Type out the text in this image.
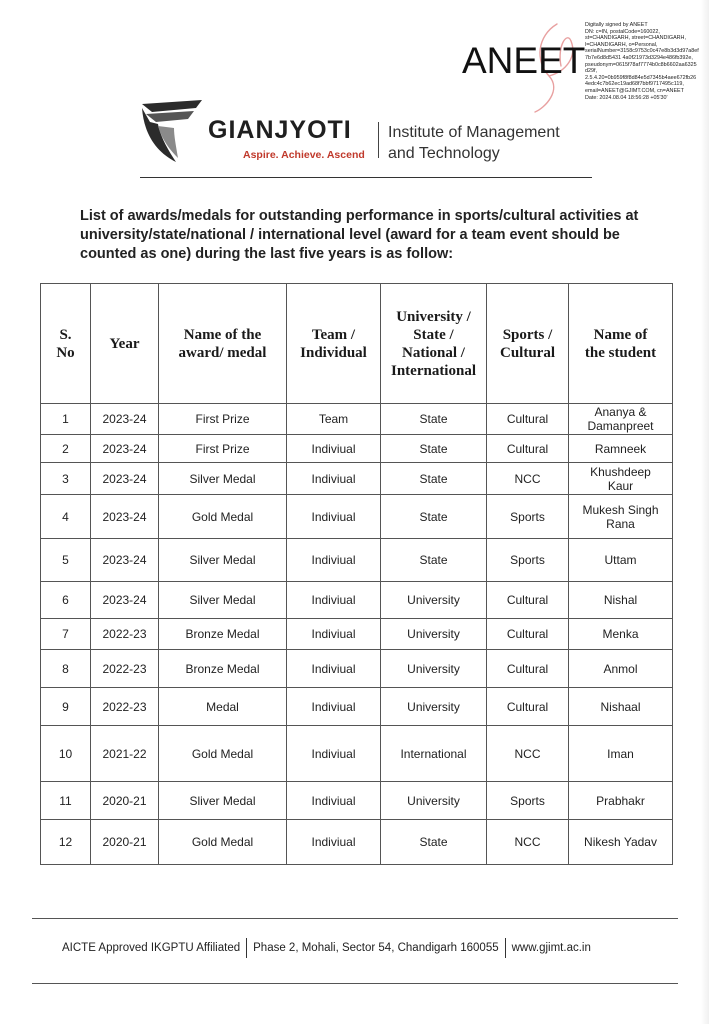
ANEET
Digitally signed by ANEET
DN: c=IN, postalCode=160022,
st=CHANDIGARH, street=CHANDIGARH,
l=CHANDIGARH, o=Personal,
serialNumber=3158c9753c0c47e8b3d3d97a8ef
7b7e6d8d5431 4a0f21973d3294e486fb392e,
pseudonym=0615f78af7774b0c8b6602aa6325
d29f,
2.5.4.20=0b959f8f8d84e5d7345b4aee672fb26
4edc4c7b62ec19ad68f7bbf9717495c119,
email=ANEET@GJIMT.COM, cn=ANEET
Date: 2024.08.04 18:56:28 +05'30'
GIANJYOTI
Aspire. Achieve. Ascend
Institute of Management
and Technology
List of awards/medals for outstanding performance in sports/cultural activities at university/state/national / international level (award for a team event should be counted as one) during the last five years is as follow:
S.
No	Year	Name of the
award/ medal	Team /
Individual	University /
State /
National /
International	Sports /
Cultural	Name of
the student
1	2023-24	First Prize	Team	State	Cultural	Ananya &
Damanpreet
2	2023-24	First Prize	Indiviual	State	Cultural	Ramneek
3	2023-24	Silver Medal	Indiviual	State	NCC	Khushdeep
Kaur
4	2023-24	Gold Medal	Indiviual	State	Sports	Mukesh Singh
Rana
5	2023-24	Silver Medal	Indiviual	State	Sports	Uttam
6	2023-24	Silver Medal	Indiviual	University	Cultural	Nishal
7	2022-23	Bronze Medal	Indiviual	University	Cultural	Menka
8	2022-23	Bronze Medal	Indiviual	University	Cultural	Anmol
9	2022-23	Medal	Indiviual	University	Cultural	Nishaal
10	2021-22	Gold Medal	Indiviual	International	NCC	Iman
11	2020-21	Sliver Medal	Indiviual	University	Sports	Prabhakr
12	2020-21	Gold Medal	Indiviual	State	NCC	Nikesh Yadav
AICTE Approved IKGPTU Affiliated Phase 2, Mohali, Sector 54, Chandigarh 160055 www.gjimt.ac.in
